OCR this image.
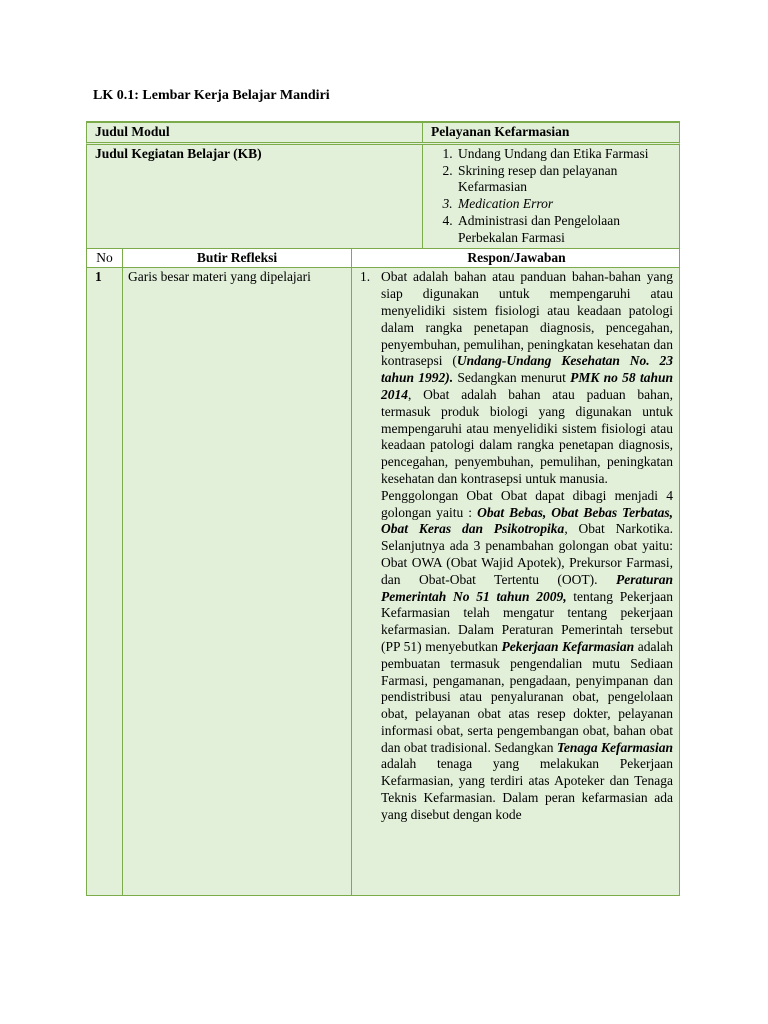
LK 0.1: Lembar Kerja Belajar Mandiri
Judul Modul	Pelayanan Kefarmasian
Judul Kegiatan Belajar (KB)
1.	Undang Undang dan Etika Farmasi
2. Skrining resep dan pelayanan Kefarmasian
3. Medication Error
4. Administrasi dan Pengelolaan Perbekalan Farmasi
No	Butir Refleksi	Respon/Jawaban
1	Garis besar materi yang dipelajari	1. Obat adalah bahan atau panduan bahan-bahan yang siap digunakan untuk mempengaruhi atau menyelidiki sistem fisiologi atau keadaan patologi dalam rangka penetapan diagnosis, pencegahan, penyembuhan, pemulihan, peningkatan kesehatan dan kontrasepsi (Undang-Undang Kesehatan No. 23 tahun 1992). Sedangkan menurut PMK no 58 tahun 2014, Obat adalah bahan atau paduan bahan, termasuk produk biologi yang digunakan untuk mempengaruhi atau menyelidiki sistem fisiologi atau keadaan patologi dalam rangka penetapan diagnosis, pencegahan, penyembuhan, pemulihan, peningkatan kesehatan dan kontrasepsi untuk manusia.

Penggolongan Obat Obat dapat dibagi menjadi 4 golongan yaitu : Obat Bebas, Obat Bebas Terbatas, Obat Keras dan Psikotropika, Obat Narkotika. Selanjutnya ada 3 penambahan golongan obat yaitu: Obat OWA (Obat Wajid Apotek), Prekursor Farmasi, dan Obat-Obat Tertentu (OOT). Peraturan Pemerintah No 51 tahun 2009, tentang Pekerjaan Kefarmasian telah mengatur tentang pekerjaan kefarmasian. Dalam Peraturan Pemerintah tersebut (PP 51) menyebutkan Pekerjaan Kefarmasian adalah pembuatan termasuk pengendalian mutu Sediaan Farmasi, pengamanan, pengadaan, penyimpanan dan pendistribusi atau penyaluranan obat, pengelolaan obat, pelayanan obat atas resep dokter, pelayanan informasi obat, serta pengembangan obat, bahan obat dan obat tradisional. Sedangkan Tenaga Kefarmasian adalah tenaga yang melakukan Pekerjaan Kefarmasian, yang terdiri atas Apoteker dan Tenaga Teknis Kefarmasian. Dalam peran kefarmasian ada yang disebut dengan kode
